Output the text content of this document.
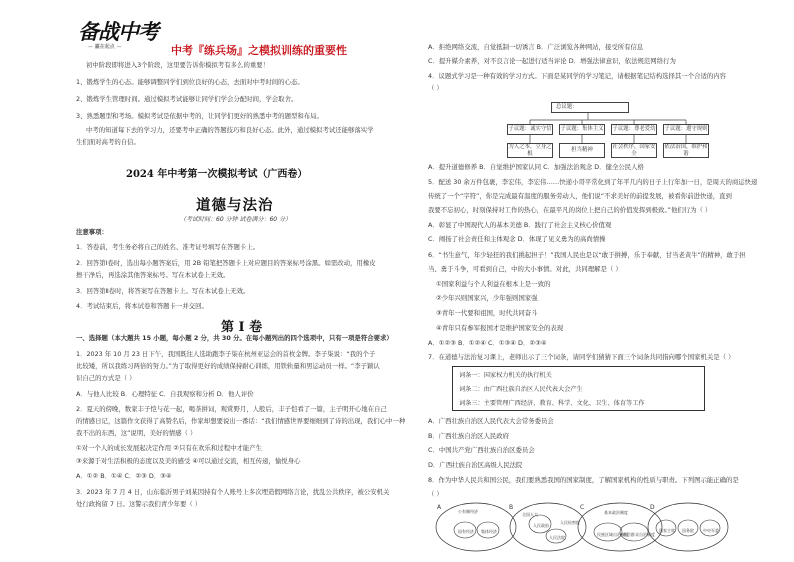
备战中考
— 赢在起点 —	中考『练兵场』之模拟训练的重要性
初中阶段即将进入3个阶段，这里要告诉你模拟考有多么的重要！
1、锻炼学生的心态。能够调整同学们到位良好的心态，去面对中考时间的心态。
2、锻炼学生管理时间。通过模拟考试能够让同学们学会分配时间，学会取舍。
3、熟悉题型和考场。模拟考试是依据中考的，让同学们更好的熟悉中考的题型和布局。
中考的知道每下去的学习力，还要考中正确的答题技巧和良好心态。此外，通过模拟考试还能够落实学
生们面对高考的自信。
2024 年中考第一次模拟考试（广西卷）
道德与法治
（考试时间：60 分钟 试卷满分：60 分）
注意事项：
1．答卷前，考生务必将自己的姓名、准考证号填写在答题卡上。
2．回答第Ⅰ卷时，选出每小题答案后，用 2B 铅笔把答题卡上对应题目的答案标号涂黑。如需改动，用橡皮
擦干净后，再选涂其他答案标号。写在本试卷上无效。
3．回答第Ⅱ卷时，将答案写在答题卡上。写在本试卷上无效。
4．考试结束后，将本试卷和答题卡一并交回。
第 Ⅰ 卷
一、选择题（本大题共 15 小题，每小题 2 分，共 30 分。在每小题列出的四个选项中，只有一项是符合要求）
1．2023 年 10 月 23 日下午，我国既往人选助跑李子柒在杭州亚运会的首枚金牌。李子柒说：“我的个子
比较矮，所以我练习两倍的努力。”为了取得更好的成绩保持耐心训练，用铁轨量和男运动员一样。“李子颖认
识自己的方式是（ ）
A．与他人比较 B．心理特征 C．自我观察和分析 D．他人评价
2．夏天的傍晚，数家丰子恺与花一起，喝茶拼词，观赏野月，人般后，丰子恺看了一篇，主子明开心地在自己
的情感日记，这篇作文获得了高赞名后，作家却想要说出一番话：“我们情感世界要细细到了诗的出现，我们心中一种
我不出的东西，这”说明，美好的情感（ ）
①对一个人的成长发展起决定作用 ②只有在欢乐和过程中才能产生
③来源于对生活积极的态度以及美的感受 ④可以通过交流，相互传递，愉悦身心
A．①② B．①④ C．②③ D．③④
3．2023 年 7 月 4 日，山东临沂男子刘某因持有个人账号上多次埋造假网络言论，扰乱公共秩序，被公安机关
处行政拘留 7 日。这警示我们青少年要（ ）
A．拒绝网络交流，自觉抵制一切诱言 B．广泛浏览各种网站，接受所有信息
C．提升媒介素养，对不良言论一起进行适当评论 D．增强法律意识，依法规范网络行为
4．议题式学习是一种有效的学习方式。下面是某同学的学习笔记，请根据笔记结构选择其一个合适的内容
（ ）
总议题：
子议题：诚实守信 子议题：集体主义 子议题：尊老爱幼 子议题：遵守规则
为人之本，立身之根
担当精神
社会秩序，国家安全
依法治国，维护和谐
A．提升道德修养 B．自觉维护国家认同 C．加强法治观念 D．健全公民人格
5．配送 30 余万件包裹，李宏伟，李宏伟……快递小哥平常化到了年平几内的日子上行年加一日，是周天的商运快递
传统了一个“字符”，你是完成最有温度的服务劳动人，他们说“不求美好的前提发展，被看你前进快递，直到
我要不忘初心，时刻保持对工作的热心，在最平凡的岗位上把自己的价值发挥到极致。”他们行为（ ）
A．彰显了中国现代人的基本美德 B．践行了社会主义核心价值观
C．阐扬了社会责任和主体观念 D．体现了见义勇为的高尚情操
6．“书生意气，年少轻狂的我们挑起担子！”我国人民也是以“敢于拼搏，乐于奉献，甘当老黄牛”的精神，敢于担
当、勇于斗争，可看到自己，中的大小事情。对此，共同理解是（ ）
①国家利益与个人利益在根本上是一致的
②少年兴则国家兴，少年强则国家强
③青年一代要和祖国，时代共同奋斗
④青年只有参军报国才是维护国家安全的表现
A．①②③ B．①②④ C．①③④ D．②③④
7．在道德与法治复习课上，老师出示了三个词条，请同学们猜猜下面三个词条共同指向哪个国家机关是（ ）
词条一：国家权力机关的执行机关
词条二：由广西壮族自治区人民代表大会产生
词条三：主要管理广西经济、教育、科学、文化、卫生、体育等工作
A．广西壮族自治区人民代表大会常务委员会
B．广西壮族自治区人民政府
C．中国共产党广西壮族自治区委员会
D．广西壮族自治区高级人民法院
8．作为中华人民共和国公民，我们要熟悉我国的国家制度，了解国家机构的性质与职责。下列图示能正确的是
（ ）
A
公有制经济
国有经济 集体经济
B
全国人大
人民政府
人民法院
人民检察院
C
基本政治制度
民族区域自治制度
基层群众自治制度
D
国家主席 国务院 中央军委
